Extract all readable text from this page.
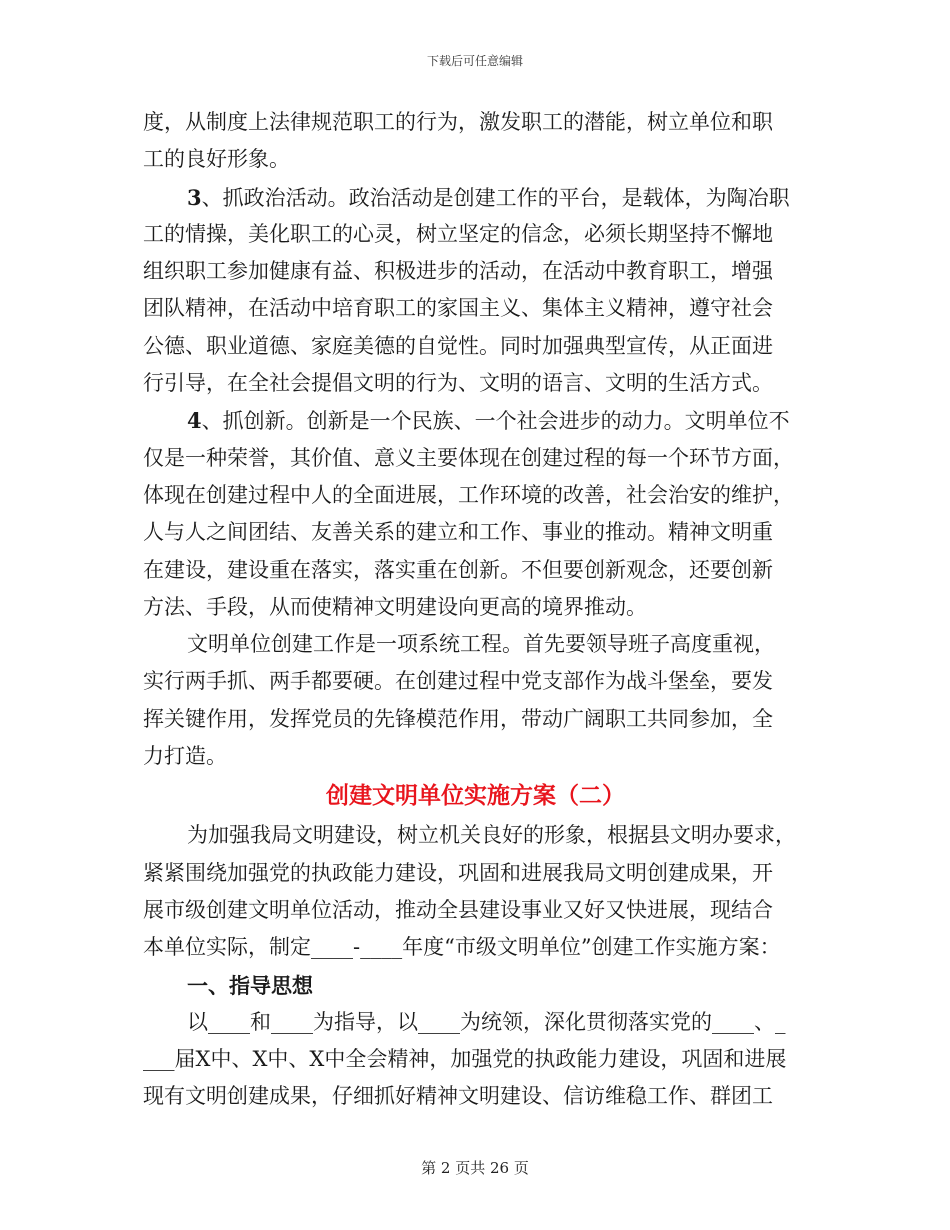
下载后可任意编辑
度，从制度上法律规范职工的行为，激发职工的潜能，树立单位和职
工的良好形象。
3、抓政治活动。政治活动是创建工作的平台，是载体，为陶冶职
工的情操，美化职工的心灵，树立坚定的信念，必须长期坚持不懈地
组织职工参加健康有益、积极进步的活动，在活动中教育职工，增强
团队精神，在活动中培育职工的家国主义、集体主义精神，遵守社会
公德、职业道德、家庭美德的自觉性。同时加强典型宣传，从正面进
行引导，在全社会提倡文明的行为、文明的语言、文明的生活方式。
4、抓创新。创新是一个民族、一个社会进步的动力。文明单位不
仅是一种荣誉，其价值、意义主要体现在创建过程的每一个环节方面，
体现在创建过程中人的全面进展，工作环境的改善，社会治安的维护，
人与人之间团结、友善关系的建立和工作、事业的推动。精神文明重
在建设，建设重在落实，落实重在创新。不但要创新观念，还要创新
方法、手段，从而使精神文明建设向更高的境界推动。
文明单位创建工作是一项系统工程。首先要领导班子高度重视，
实行两手抓、两手都要硬。在创建过程中党支部作为战斗堡垒，要发
挥关键作用，发挥党员的先锋模范作用，带动广阔职工共同参加，全
力打造。
创建文明单位实施方案（二）
为加强我局文明建设，树立机关良好的形象，根据县文明办要求，
紧紧围绕加强党的执政能力建设，巩固和进展我局文明创建成果，开
展市级创建文明单位活动，推动全县建设事业又好又快进展，现结合
本单位实际，制定____-____年度“市级文明单位”创建工作实施方案：
一、指导思想
以____和____为指导，以____为统领，深化贯彻落实党的____、_
___届X中、X中、X中全会精神，加强党的执政能力建设，巩固和进展
现有文明创建成果，仔细抓好精神文明建设、信访维稳工作、群团工
第 2 页共 26 页
